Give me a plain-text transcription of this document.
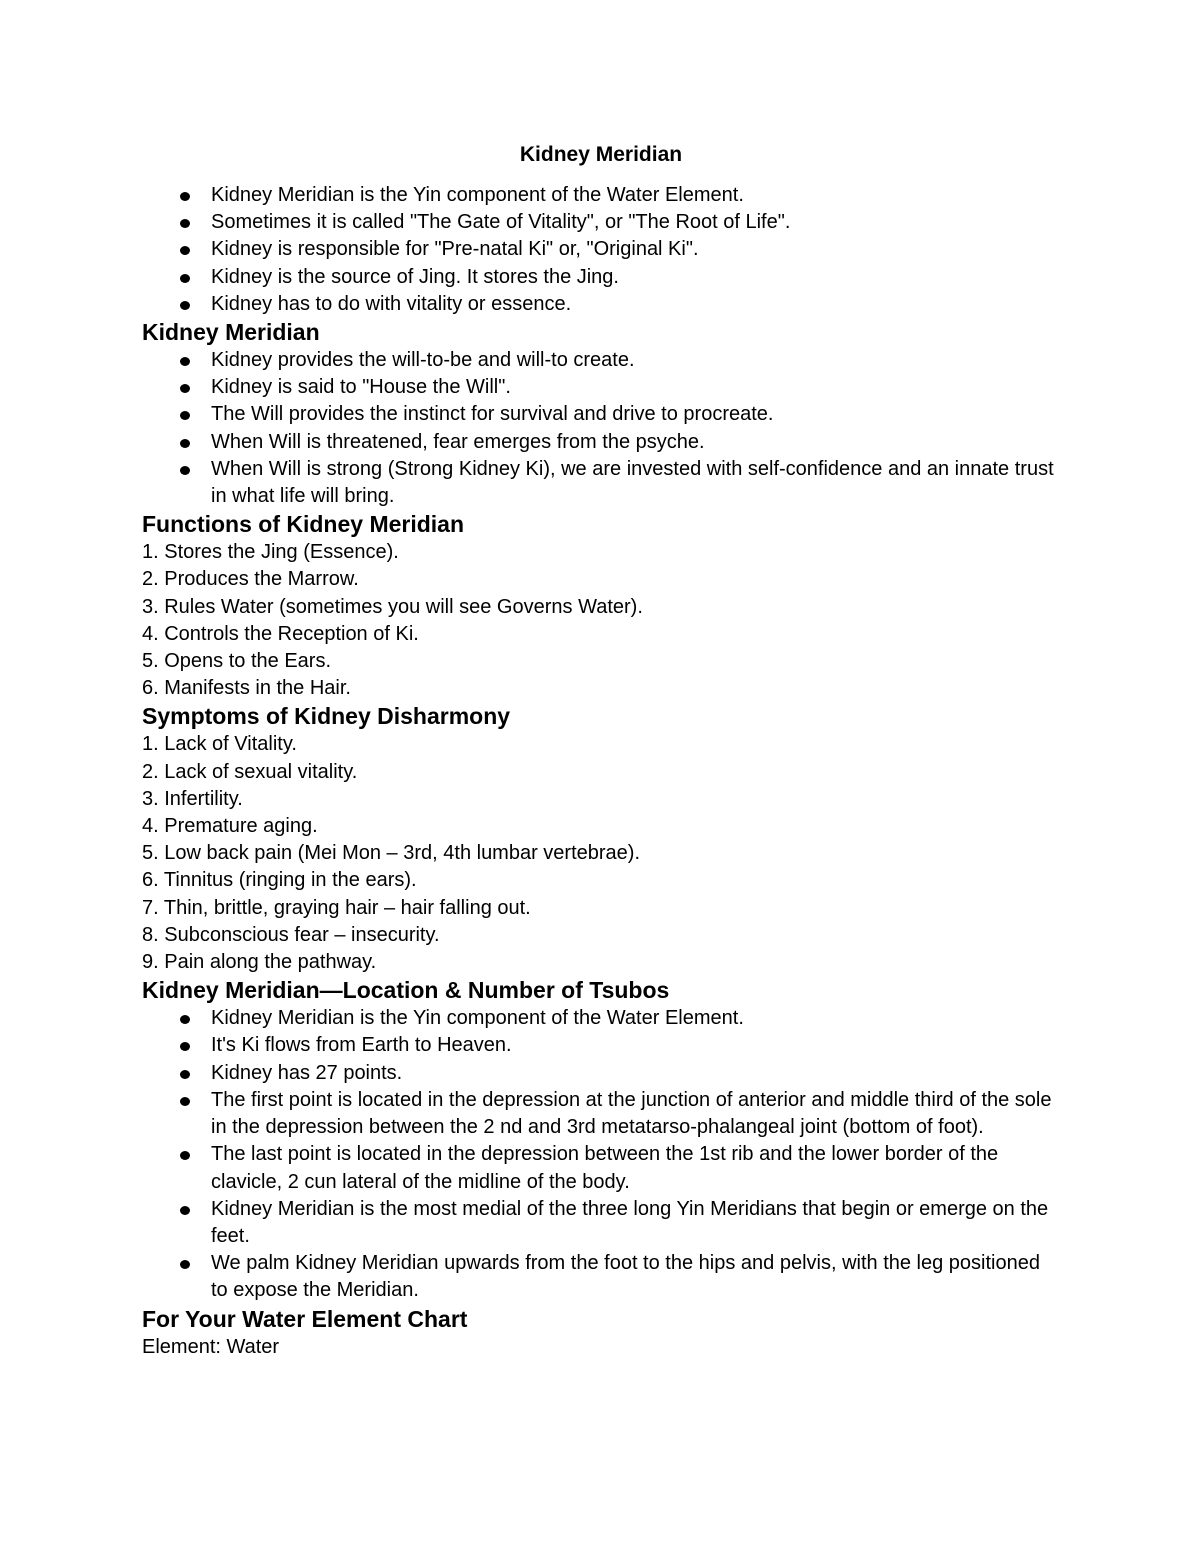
Kidney Meridian
Kidney Meridian is the Yin component of the Water Element.
Sometimes it is called "The Gate of Vitality", or "The Root of Life".
Kidney is responsible for "Pre-natal Ki" or, "Original Ki".
Kidney is the source of Jing. It stores the Jing.
Kidney has to do with vitality or essence.
Kidney Meridian
Kidney provides the will-to-be and will-to create.
Kidney is said to "House the Will".
The Will provides the instinct for survival and drive to procreate.
When Will is threatened, fear emerges from the psyche.
When Will is strong (Strong Kidney Ki), we are invested with self-confidence and an innate trust in what life will bring.
Functions of Kidney Meridian
1. Stores the Jing (Essence).
2. Produces the Marrow.
3. Rules Water (sometimes you will see Governs Water).
4. Controls the Reception of Ki.
5. Opens to the Ears.
6. Manifests in the Hair.
Symptoms of Kidney Disharmony
1. Lack of Vitality.
2. Lack of sexual vitality.
3. Infertility.
4. Premature aging.
5. Low back pain (Mei Mon – 3rd, 4th lumbar vertebrae).
6. Tinnitus (ringing in the ears).
7. Thin, brittle, graying hair – hair falling out.
8. Subconscious fear – insecurity.
9. Pain along the pathway.
Kidney Meridian—Location & Number of Tsubos
Kidney Meridian is the Yin component of the Water Element.
It's Ki flows from Earth to Heaven.
Kidney has 27 points.
The first point is located in the depression at the junction of anterior and middle third of the sole in the depression between the 2 nd and 3rd metatarso-phalangeal joint (bottom of foot).
The last point is located in the depression between the 1st rib and the lower border of the clavicle, 2 cun lateral of the midline of the body.
Kidney Meridian is the most medial of the three long Yin Meridians that begin or emerge on the feet.
We palm Kidney Meridian upwards from the foot to the hips and pelvis, with the leg positioned to expose the Meridian.
For Your Water Element Chart

Element: Water
